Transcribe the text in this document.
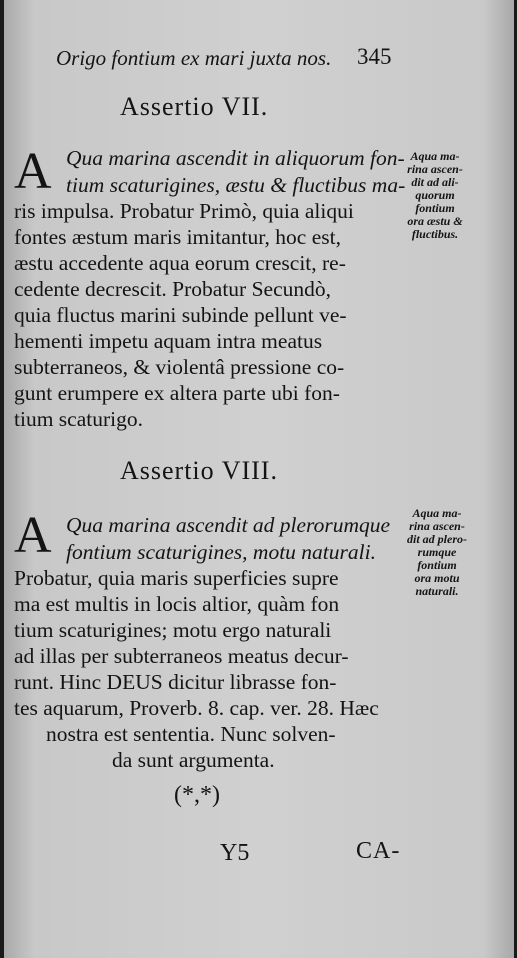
Origo fontium ex mari juxta nos. 345
Assertio VII.
A Qua marina ascendit in aliquorum fon-
tium scaturigines, æstu & fluctibus ma-
ris impulsa. Probatur Primò, quia aliqui
fontes æstum maris imitantur, hoc est,
æstu accedente aqua eorum crescit, re-
cedente decrescit. Probatur Secundò,
quia fluctus marini subinde pellunt ve-
hementi impetu aquam intra meatus
subterraneos, & violentâ pressione co-
gunt erumpere ex altera parte ubi fon-
tium scaturigo.
Aqua ma-
rina ascen-
dit ad ali-
quorum
fontium
ora æstu &
fluctibus.
Assertio VIII.
A Qua marina ascendit ad plerorumque
fontium scaturigines, motu naturali.
Probatur, quia maris superficies supre
ma est multis in locis altior, quàm fon
tium scaturigines; motu ergo naturali
ad illas per subterraneos meatus decur-
runt. Hinc DEUS dicitur librasse fon-
tes aquarum, Proverb. 8. cap. ver. 28. Hæc
nostra est sententia. Nunc solven-
da sunt argumenta.
Aqua ma-
rina ascen-
dit ad plero-
rumque
fontium
ora motu
naturali.
(*,*)
Y5	CA-
